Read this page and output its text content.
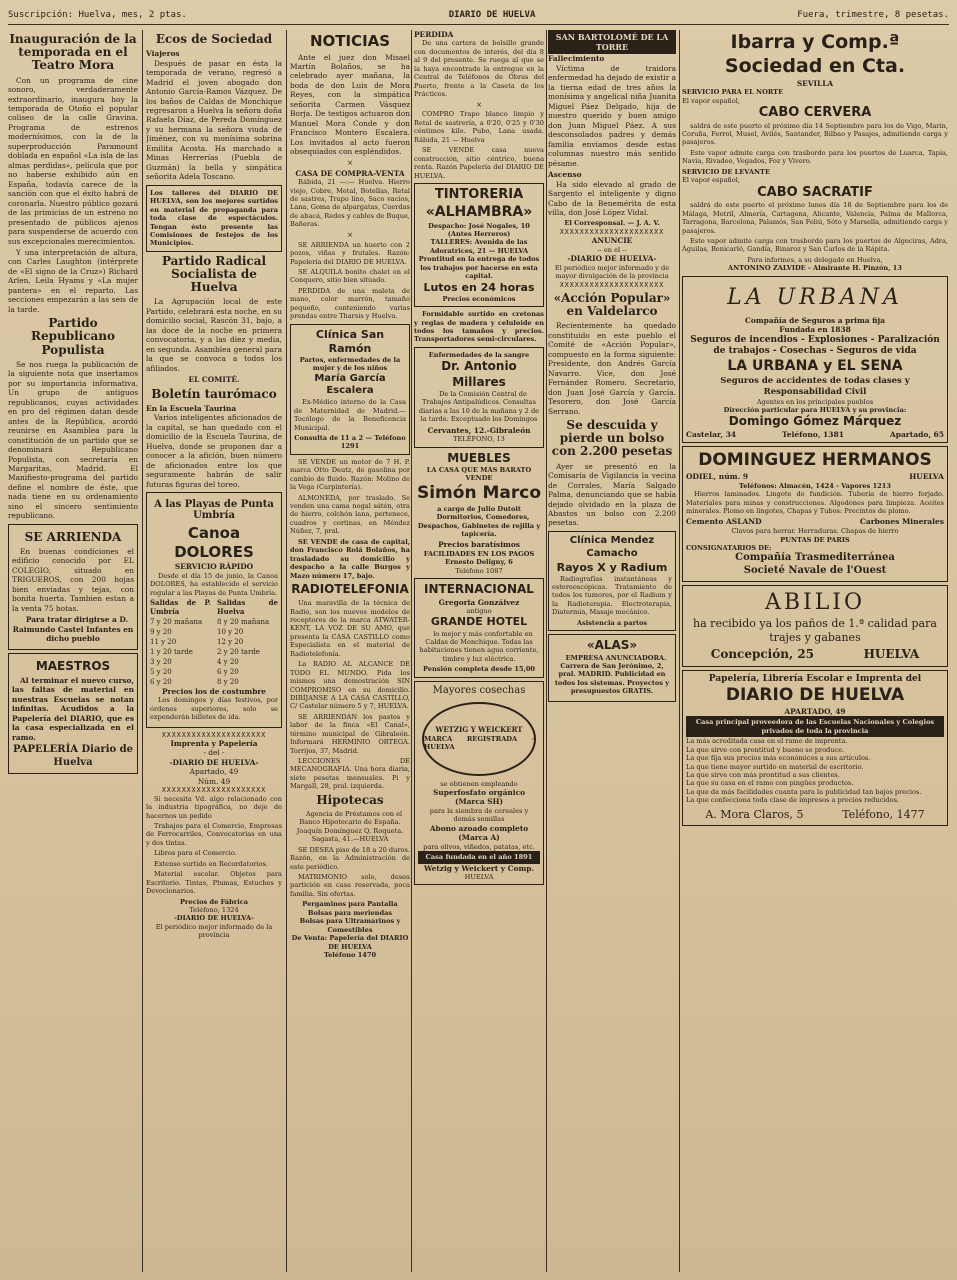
Suscripción: Huelva, mes, 2 ptas.	DIARIO DE HUELVA	Fuera, trimestre, 8 pesetas.
Inauguración de la temporada en el Teatro Mora

Con un programa de cine sonoro, verdaderamente extraordinario, inaugura hoy la temporada de Otoño el popular coliseo de la calle Gravina. Programa de estrenos modernísimos, con la de la superproducción Paramount doblada en español «La isla de las almas perdidas», película que por no haberse exhibido aún en España, todavía carece de la sanción con que el éxito habrá de coronarla. Nuestro público gozará de las primicias de un estreno no presentado de públicos ajenos para suspenderse de acuerdo con sus excepcionales merecimientos.

Y una interpretación de altura, con Carles Laughton (intérprete de «El signo de la Cruz») Richard Arlen, Leila Hyams y «La mujer pantera» en el reparto. Las secciones empezarán a las seis de la tarde.

Partido Republicano Populista

Se nos ruega la publicación de la siguiente nota que insertamos por su importancia informativa. Un grupo de antiguos republicanos, cuyas actividades en pro del régimen datan desde antes de la República, acordó reunirse en Asamblea para la constitución de un partido que se denominará Republicano Populista, con secretaría en Margaritas, Madrid. El Manifiesto-programa del partido define el nombre de éste, que nada tiene en su ordenamiento sino el sincero sentimiento republicano.

SE ARRIENDA

En buenas condiciones el edificio conocido por EL COLEGIO, situado en TRIGUEROS, con 200 hojas bien enviadas y tejas, con bonita huerta. Tambien estan a la venta 75 botas.

Para tratar dirigirse a D. Raimundo Castel Infantes en dicho pueblo

MAESTROS

Al terminar el nuevo curso, las faltas de material en nuestras Escuelas se notan infinitas. Acudidos a la Papelería del DIARIO, que es la casa especializada en el ramo.

PAPELERÍA Diario de Huelva
Ecos de Sociedad
Viajeros

Después de pasar en ésta la temporada de verano, regresó a Madrid el joven abogado don Antonio García-Ramos Vázquez. De los baños de Caldas de Monchique regresaron a Huelva la señora doña Rafaela Díaz, de Pereda Domínguez y su hermana la señora viuda de Jiménez, con su monísima sobrina Emilita Acosta. Ha marchado a Minas Herrerías (Puebla de Guzmán) la bella y simpática señorita Adela Toscano.

Los talleres del DIARIO DE HUELVA, son los mejores surtidos en material de propaganda para toda clase de espectáculos. Tengan ésto presente las Comisiones de festejos de los Municipios.
Partido Radical Socialista de Huelva

La Agrupación local de este Partido, celebrará esta noche, en su domicilio social, Rascón 31, bajo, a las doce de la noche en primera convocatoria, y a las diez y media, en segunda. Asamblea general para la que se convoca a todos los afiliados.

EL COMITÉ.
Boletín taurómaco
En la Escuela Taurina

Varios inteligentes aficionados de la capital, se han quedado con el domicilio de la Escuela Taurina, de Huelva, donde se proponen dar a conocer a la afición, buen número de aficionados entre los que seguramente habrán de salir futuras figuras del toreo.

A las Playas de Punta Umbría
Canoa DOLORES
SERVICIO RÁPIDO

Desde el día 15 de junio, la Canoa DOLORES, ha establecido el servicio regular a las Playas de Punta Umbría.

Salidas de P. Umbría
Salidas de Huelva
7 y 20 mañana	8 y 20 mañana
9 y 20	10 y 20
11 y 20	12 y 20
1 y 20 tarde	2 y 20 tarde
3 y 20	4 y 20
5 y 20	6 y 20
6 y 20	8 y 20
Precios los de costumbre

Los domingos y días festivos, por órdenes superiores, solo se expenderán billetes de ida.

XXXXXXXXXXXXXXXXXXXXX
Imprenta y Papelería
- del -
-DIARIO DE HUELVA-
Apartado, 49
Núm. 49
XXXXXXXXXXXXXXXXXXXXX

Si necesita Vd. algo relacionado con la industria tipográfica, no deje de hacernos un pedido

Trabajos para el Comercio, Empresas de Ferrocarriles, Convocatorias en una y dos tintas.

Libros para el Comercio.

Extenso surtido en Recordatorios.

Material escolar. Objetos para Escritorio. Tintas, Plumas, Estuches y Devocionarios.

Precios de Fábrica
Teléfono, 1324
-DIARIO DE HUELVA-
El periódico mejor informado de la provincia
NOTICIAS

Ante el juez don Misael Martín Bolaños, se ha celebrado ayer mañana, la boda de don Luis de Mora Reyes, con la simpática señorita Carmen Vásquez Borja. De testigos actuaron don Manuel Mora Conde y don Francisco Montero Escalera. Los invitados al acto fueron obsequiados con espléndidos.

×
CASA DE COMPRA-VENTA

Rábida, 21 —:— Huelva. Hierro viejo, Cobre, Metal, Botellas, Retal de sastres, Trapo lino, Saco vacíos, Lana, Goma de alpargatas, Cuerdas de abacá, Redes y cables de Buque, Bañeras.

×

SE ARRIENDA un huerto con 2 pozos, viñas y frutales. Razón: Papelería del DIARIO DE HUELVA.

SE ALQUILA bonito chalet en el Conquero, sitio bien situado.

PERDIDA de una maleta de mano, color marrón, tamaño pequeño, conteniendo varias prendas entre Tharsis y Huelva.

Clínica San Ramón
Partos, enfermedades de la mujer y de los niños
María García Escalera

Ex-Médico interno de la Casa de Maternidad de Madrid.—Tocólogo de la Beneficencia Municipal.

Consulta de 11 a 2 — Teléfono 1291

SE VENDE un motor de 7 H. P. marca Otto Deutz, de gasolina por cambio de fluido. Razón: Molino de la Vega (Carpintería).

ALMONEDA, por traslado. Se venden una cama nogal sátén, otra de hierro, colchón lana, pertenece, cuadros y cortinas, en Méndez Núñez, 7, pral.

SE VENDE de casa de capital, don Francisco Rolá Bolaños, ha trasladado su domicilio y despacho a la calle Burgos y Mazo número 17, bajo.

RADIOTELEFONIA

Una maravilla de la técnica de Radio, son los nuevos modelos de receptores de la marca ATWATER-KENT, LA VOZ DE SU AMO, que presenta la CASA CASTILLO como Especialista en el material de Radiotelefonía.

La RADIO AL ALCANCE DE TODO EL MUNDO. Pida los mismos una demostración SIN COMPROMISO en su domicilio. DIRÍJANSE A LA CASA CASTILLO, C/ Castelar número 5 y 7, HUELVA.

SE ARRIENDAN los pastos y labor de la finca «El Canal», término municipal de Gibraleón. Informará HERMINIO ORTEGA. Torrijos, 37, Madrid.

LECCIONES DE MECANOGRAFIA. Una hora diaria, siete pesetas mensuales. Pi y Margall, 28, pral. izquierda.

Hipotecas

Agencia de Préstamos con el Banco Hipotecario de España. Joaquín Domínguez Q. Roqueta. Sagasta, 41.—HUELVA

SE DESEA piso de 18 a 20 duros. Razón, en la Administración de este periódico.

MATRIMONIO solo, desea partición en casa reservada, poca familia. Sin ofertas.

Pergaminos para Pantalla
Bolsas para meriendas
Bolsas para Ultramarinos y Comestibles
De Venta: Papelería del DIARIO DE HUELVA
Teléfono 1470
PERDIDA

De una cartera de bolsillo grande con documentos de interés, del día 8 al 9 del presente. Se ruega al que se la haya encontrado la entregue en la Central de Teléfonos de Obras del Puerto, frente a la Caseta de los Prácticos.

×

COMPRO Trapo blanco limpio y Retal de sastrería, a 0'20, 0'25 y 0'30 céntimos kilo. Pubo, Lana usada. Rábida, 21 — Huelva

SE VENDE casa nueva construcción, sitio céntrico, buena renta. Razón Papelería del DIARIO DE HUELVA.

TINTORERIA
«ALHAMBRA»
Despacho: José Nogales, 10 (Antes Herreros)
TALLERES: Avenida de las Adoratrices, 21 — HUELVA
Prontitud en la entrega de todos los trabajos por hacerse en esta capital.
Lutos en 24 horas
Precios económicos

Formidable surtido en cretonas y reglas de madera y celuloide en todos los tamaños y precios. Transportadores semi-circulares.

Enfermedades de la sangre
Dr. Antonio Millares

De la Comisión Central de Trabajos Antipalúdicos. Consultas diarias a las 10 de la mañana y 2 de la tarde. Exceptuado los Domingos

Cervantes, 12.-Gibraleón
TELÉFONO, 13
MUEBLES
LA CASA QUE MÁS BARATO VENDE
Simón Marco
a cargo de Julio Dutoit

Dormitorios, Comedores, Despachos, Gabinetes de rejilla y tapicería.

Precios baratísimos
FACILIDADES EN LOS PAGOS
Ernesto Deligny, 6
Teléfono 1087
INTERNACIONAL
Gregoria Gonzálvez
antiguo
GRANDE HOTEL

lo mejor y más confortable en Caldas de Monchique. Todas las habitaciones tienen agua corriente, timbre y luz eléctrica.

Pensión completa desde 15,00
Mayores cosechas
WETZIG Y WEICKERT
MARCA REGISTRADA · HUELVA
se obtienen empleando
Superfosfato orgánico (Marca SH)
para la siembra de cereales y demás semillas
Abono azoado completo (Marca A)
para olivos, viñedos, patatas, etc.
Casa fundada en el año 1891
Wetzig y Weickert y Comp.
HUELVA
SAN BARTOLOMÉ DE LA TORRE
Fallecimiento

Víctima de traidora enfermedad ha dejado de existir a la tierna edad de tres años la monísima y angelical niña Juanita Miguel Páez Delgado, hija de nuestro querido y buen amigo don Juan Miguel Páez. A sus desconsolados padres y demás familia enviamos desde estas columnas nuestro más sentido pésame.

Ascenso

Ha sido elevado al grado de Sargento el inteligente y digno Cabo de la Benemérita de esta villa, don José López Vidal.

El Corresponsal. — J. A. V.
XXXXXXXXXXXXXXXXXXXXX
ANUNCIE
-- en el --
-DIARIO DE HUELVA-
El periódico mejor informado y de mayor divulgación de la provincia
XXXXXXXXXXXXXXXXXXXXX
«Acción Popular» en Valdelarco

Recientemente ha quedado constituido en este pueblo el Comité de «Acción Popular», compuesto en la forma siguiente: Presidente, don Andrés García Navarro. Vice, don José Fernández Romero. Secretario, don Juan José García y García. Tesorero, don José García Serrano.

Se descuida y pierde un bolso con 2.200 pesetas

Ayer se presentó en la Comisaría de Vigilancia la vecina de Corrales, María Salgado Palma, denunciando que se había dejado olvidado en la plaza de Abastos un bolso con 2.200 pesetas.

Clínica Mendez Camacho
Rayos X y Radium

Radiografías instantáneas y estereoscópicas. Tratamiento de todos los tumores, por el Radium y la Radioterapia. Electroterapia, Diatermia, Masaje mecánico.

Asistencia a partos
«ALAS»

EMPRESA ANUNCIADORA. Carrera de San Jerónimo, 2, pral. MADRID. Publicidad en todos los sistemas. Proyectos y presupuestos GRATIS.

Ibarra y Comp.ª Sociedad en Cta.
SEVILLA
SERVICIO PARA EL NORTE
El vapor español,
CABO CERVERA

saldrá de este puerto el próximo día 14 Septiembre para los de Vigo, Marín, Coruña, Ferrol, Musel, Avilés, Santander, Bilbao y Pasajes, admitiendo carga y pasajeros.

Este vapor admite carga con trasbordo para los puertos de Luarca, Tapia, Navia, Rivadeo, Vegados, Foz y Vivero.

SERVICIO DE LEVANTE
El vapor español,
CABO SACRATIF

saldrá de este puerto el próximo lunes día 18 de Septiembre para los de Málaga, Motril, Almería, Cartagena, Alicante, Valencia, Palma de Mallorca, Tarragona, Barcelona, Palamós, San Feliú, Sóto y Marsella, admitiendo carga y pasajeros.

Este vapor admite carga con trasbordo para los puertos de Algeciras, Adra, Águilas, Benicarló, Gandía, Binaroz y San Carlos de la Rápita.

Para informes, a su delegado en Huelva,
ANTONINO ZALVIDE - Almirante H. Pinzón, 13
LA URBANA
Compañía de Seguros a prima fija
Fundada en 1838
Seguros de incendios - Explosiones - Paralización de trabajos - Cosechas - Seguros de vida
LA URBANA y EL SENA
Seguros de accidentes de todas clases y Responsabilidad Civil
Agentes en los principales pueblos
Dirección particular para HUELVA y su provincia:
Domingo Gómez Márquez
Castelar, 34	Teléfono, 1381	Apartado, 65
DOMINGUEZ HERMANOS
ODIEL, núm. 9	HUELVA
Teléfonos: Almacén, 1424 - Vapores 1213

Hierros laminados. Lingote de fundición. Tubería de hierro forjado. Materiales para minas y construcciones. Algodones para limpieza. Aceites minerales. Plomo en lingotes, Chapas y Tubos: Precintos de plomo.

Cemento ASLAND	Carbones Minerales
Clavos para herrar. Herraduras. Chapas de hierro
PUNTAS DE PARIS
CONSIGNATARIOS DE:
Compañía Trasmediterránea
Societé Navale de l'Ouest
ABILIO
ha recibido ya los paños de 1.ª calidad para trajes y gabanes
Concepción, 25	HUELVA
Papelería, Librería Escolar e Imprenta del
DIARIO DE HUELVA
APARTADO, 49
Casa principal proveedora de las Escuelas Nacionales y Colegios privados de toda la provincia
La más acreditada casa en el ramo de imprenta.
La que sirve con prontitud y bueno se produce.
La que fija sus precios más económicos a sus artículos.
La que tiene mayor surtido en material de escritorio.
La que sirve con más prontitud a sus clientes.
La que su casa en el ramo con pingües productos.
La que da más facilidades cuanta para la publicidad tan bajos precios.
La que confecciona toda clase de impresos a precios reducidos.
A. Mora Claros, 5	Teléfono, 1477
